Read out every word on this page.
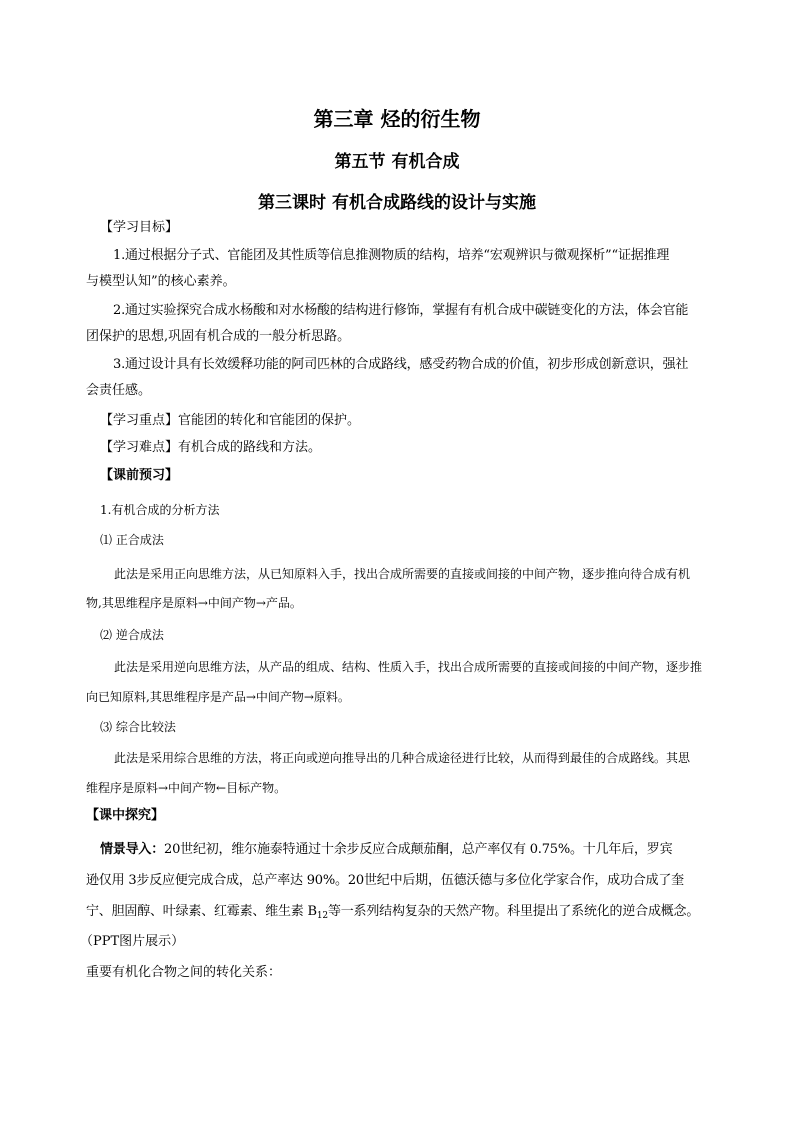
第三章 烃的衍生物
第五节 有机合成
第三课时 有机合成路线的设计与实施
【学习目标】
1.通过根据分子式、官能团及其性质等信息推测物质的结构，培养“宏观辨识与微观探析”“证据推理
与模型认知”的核心素养。
2.通过实验探究合成水杨酸和对水杨酸的结构进行修饰，掌握有有机合成中碳链变化的方法，体会官能
团保护的思想,巩固有机合成的一般分析思路。
3.通过设计具有长效缓释功能的阿司匹林的合成路线，感受药物合成的价值，初步形成创新意识，强社
会责任感。
【学习重点】官能团的转化和官能团的保护。
【学习难点】有机合成的路线和方法。
【课前预习】
1.有机合成的分析方法
⑴ 正合成法
此法是采用正向思维方法，从已知原料入手，找出合成所需要的直接或间接的中间产物，逐步推向待合成有机
物,其思维程序是原料→中间产物→产品。
⑵ 逆合成法
此法是采用逆向思维方法，从产品的组成、结构、性质入手，找出合成所需要的直接或间接的中间产物，逐步推
向已知原料,其思维程序是产品→中间产物→原料。
⑶ 综合比较法
此法是采用综合思维的方法，将正向或逆向推导出的几种合成途径进行比较，从而得到最佳的合成路线。其思
维程序是原料→中间产物←目标产物。
【课中探究】
情景导入：20世纪初，维尔施泰特通过十余步反应合成颠茄酮，总产率仅有 0.75%。十几年后，罗宾
逊仅用 3步反应便完成合成，总产率达 90%。20世纪中后期，伍德沃德与多位化学家合作，成功合成了奎
宁、胆固醇、叶绿素、红霉素、维生素 $B_{12}$等一系列结构复杂的天然产物。科里提出了系统化的逆合成概念。
（PPT图片展示）
重要有机化合物之间的转化关系：
